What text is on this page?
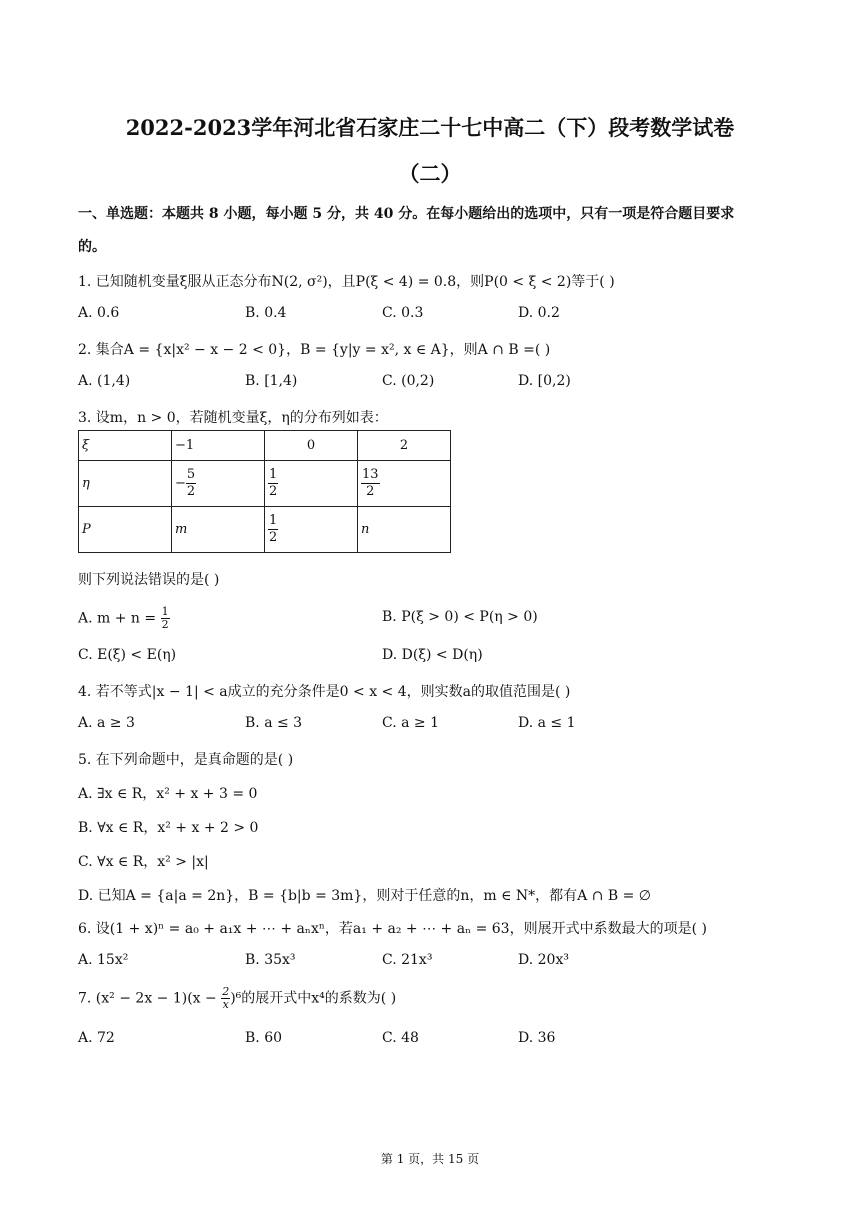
2022-2023学年河北省石家庄二十七中高二（下）段考数学试卷
（二）
一、单选题：本题共 8 小题，每小题 5 分，共 40 分。在每小题给出的选项中，只有一项是符合题目要求
的。
1. 已知随机变量ξ服从正态分布N(2, σ²)，且P(ξ < 4) = 0.8，则P(0 < ξ < 2)等于( )
A. 0.6	B. 0.4	C. 0.3	D. 0.2
2. 集合A = {x|x² − x − 2 < 0}，B = {y|y = x², x ∈ A}，则A ∩ B =( )
A. (1,4)	B. [1,4)	C. (0,2)	D. [0,2)
3. 设m，n > 0，若随机变量ξ，η的分布列如表：
ξ	−1	0	2
η	− $\frac{5}{2}$	$\frac{1}{2}$	$\frac{13}{2}$

P	m	$\frac{1}{2}$	n
则下列说法错误的是( )
A. $m + n = \frac{1}{2}$	B. P(ξ > 0) < P(η > 0)
C. E(ξ) < E(η)	D. D(ξ) < D(η)
4. 若不等式|x − 1| < a成立的充分条件是0 < x < 4，则实数a的取值范围是( )
A. a ≥ 3	B. a ≤ 3	C. a ≥ 1	D. a ≤ 1
5. 在下列命题中，是真命题的是( )
A. ∃x ∈ R，x² + x + 3 = 0
B. ∀x ∈ R，x² + x + 2 > 0
C. ∀x ∈ R，x² > |x|
D. 已知A = {a|a = 2n}，B = {b|b = 3m}，则对于任意的n，m ∈ N*，都有A ∩ B = ∅
6. 设(1 + x)ⁿ = a₀ + a₁x + ⋯ + aₙxⁿ，若a₁ + a₂ + ⋯ + aₙ = 63，则展开式中系数最大的项是( )
A. 15x²	B. 35x³	C. 21x³	D. 20x³
7. $(x^2 - 2x - 1)(x - \frac{2}{x} )^6$的展开式中x⁴的系数为( )
A. 72	B. 60	C. 48	D. 36
第 1 页，共 15 页
